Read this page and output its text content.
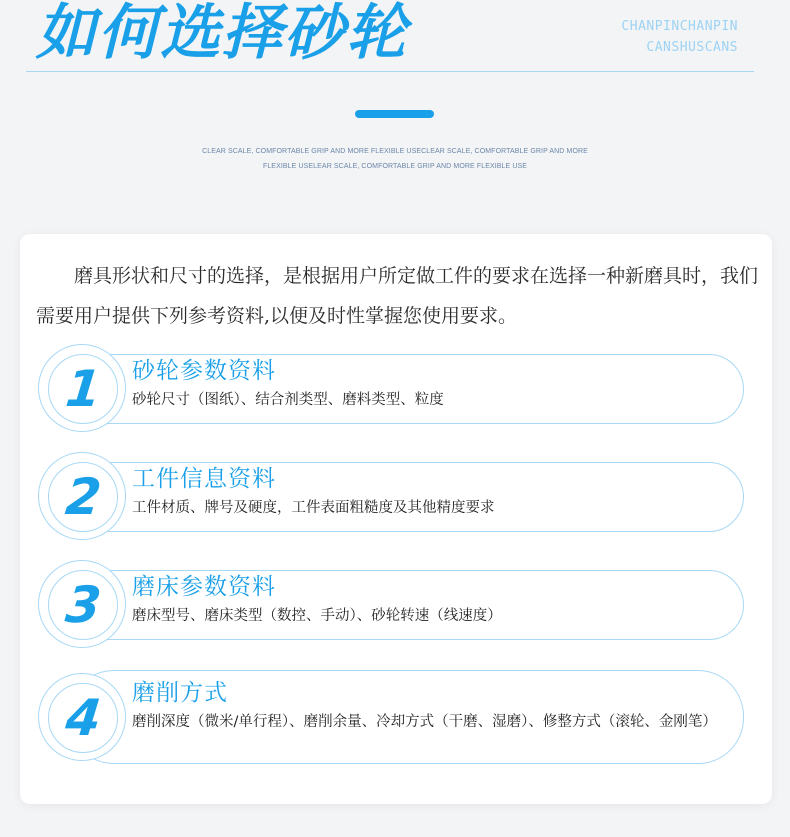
如何选择砂轮	CHANPINCHANPIN
CANSHUSCANS
CLEAR SCALE, COMFORTABLE GRIP AND MORE FLEXIBLE USECLEAR SCALE, COMFORTABLE GRIP AND MORE
FLEXIBLE USELEAR SCALE, COMFORTABLE GRIP AND MORE FLEXIBLE USE

磨具形状和尺寸的选择，是根据用户所定做工件的要求在选择一种新磨具时，我们需要用户提供下列参考资料,以便及时性掌握您使用要求。

1 砂轮参数资料
砂轮尺寸（图纸）、结合剂类型、磨料类型、粒度
2 工件信息资料
工件材质、牌号及硬度，工件表面粗糙度及其他精度要求
3 磨床参数资料
磨床型号、磨床类型（数控、手动）、砂轮转速（线速度）
4 磨削方式
磨削深度（微米/单行程）、磨削余量、冷却方式（干磨、湿磨）、修整方式（滚轮、金刚笔）
